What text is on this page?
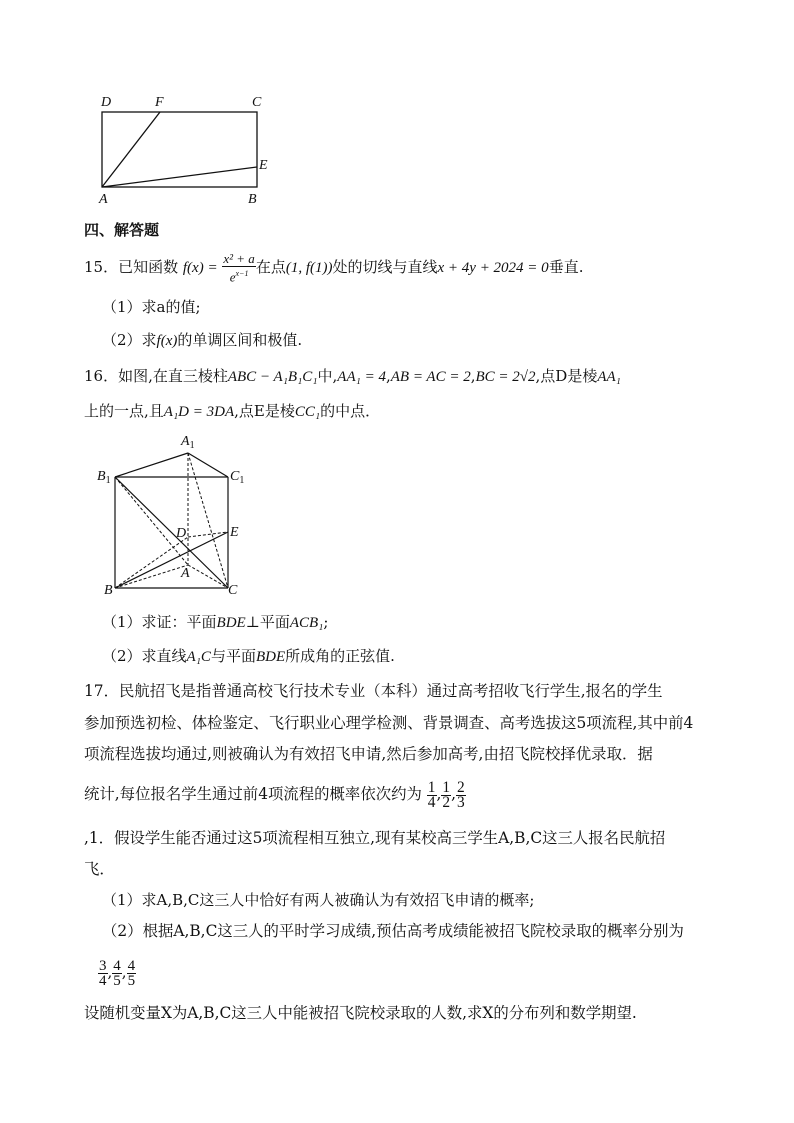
D	F	C
E
A	B
四、解答题
15．已知函数 $f(x) = \frac{\text{x² + a}}{e^{x-1}}$ 在点(1, f(1))处的切线与直线x + 4y + 2024 = 0垂直.
（1）求a的值;
（2）求f(x)的单调区间和极值.
16．如图,在直三棱柱ABC − A₁B₁C₁中,AA₁ = 4,AB = AC = 2,BC = 2√2,点D是棱AA₁
上的一点,且A₁D = 3DA,点E是棱CC₁的中点．
$A_1$
$B_1$	$C_1$
D	E
A
B	C
（1）求证：平面BDE⊥平面ACB₁;
（2）求直线A₁C与平面BDE所成角的正弦值.
17．民航招飞是指普通高校飞行技术专业（本科）通过高考招收飞行学生,报名的学生
参加预选初检、体检鉴定、飞行职业心理学检测、背景调查、高考选拔这5项流程,其中前4
项流程选拔均通过,则被确认为有效招飞申请,然后参加高考,由招飞院校择优录取．据
统计,每位报名学生通过前4项流程的概率依次约为 $\frac{1}{4}$ , $\frac{1}{2}$ , $\frac{2}{3}$
,1．假设学生能否通过这5项流程相互独立,现有某校高三学生A,B,C这三人报名民航招
飞．
（1）求A,B,C这三人中恰好有两人被确认为有效招飞申请的概率;
（2）根据A,B,C这三人的平时学习成绩,预估高考成绩能被招飞院校录取的概率分别为
$\frac{3}{4}$ , $\frac{4}{5}$ , $\frac{4}{5}$
设随机变量X为A,B,C这三人中能被招飞院校录取的人数,求X的分布列和数学期望.
